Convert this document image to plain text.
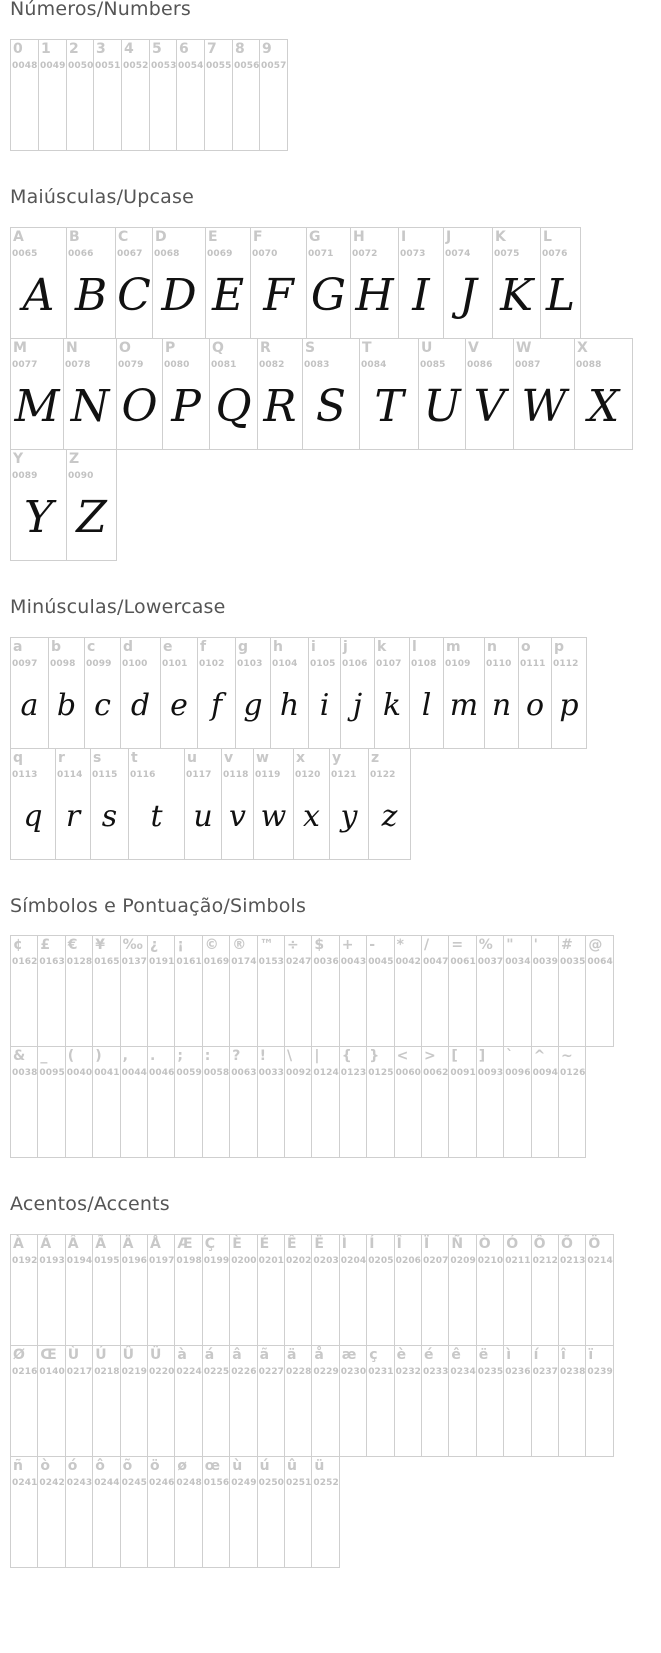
Números/Numbers
0
0048
1
0049
2
0050
3
0051
4
0052
5
0053
6
0054
7
0055
8
0056
9
0057
Maiúsculas/Upcase
A
0065
A
B
0066
B
C
0067
C
D
0068
D
E
0069
E
F
0070
F
G
0071
G
H
0072
H
I
0073
I
J
0074
J
K
0075
K
L
0076
L
M
0077
M
N
0078
N
O
0079
O
P
0080
P
Q
0081
Q
R
0082
R
S
0083
S
T
0084
T
U
0085
U
V
0086
V
W
0087
W
X
0088
X
Y
0089
Y
Z
0090
Z
Minúsculas/Lowercase
a
0097
a
b
0098
b
c
0099
c
d
0100
d
e
0101
e
f
0102
f
g
0103
g
h
0104
h
i
0105
i
j
0106
j
k
0107
k
l
0108
l
m
0109
m
n
0110
n
o
0111
o
p
0112
p
q
0113
q
r
0114
r
s
0115
s
t
0116
t
u
0117
u
v
0118
v
w
0119
w
x
0120
x
y
0121
y
z
0122
z
Símbolos e Pontuação/Simbols
¢
0162
£
0163
€
0128
¥
0165
‰
0137
¿
0191
¡
0161
©
0169
®
0174
™
0153
÷
0247
$
0036
+
0043
-
0045
*
0042
/
0047
=
0061
%
0037
"
0034
'
0039
#
0035
@
0064
&
0038
_
0095
(
0040
)
0041
,
0044
.
0046
;
0059
:
0058
?
0063
!
0033
\
0092
|
0124
{
0123
}
0125
<
0060
>
0062
[
0091
]
0093
`
0096
^
0094
~
0126
Acentos/Accents
À
0192
Á
0193
Â
0194
Ã
0195
Ä
0196
Å
0197
Æ
0198
Ç
0199
È
0200
É
0201
Ê
0202
Ë
0203
Ì
0204
Í
0205
Î
0206
Ï
0207
Ñ
0209
Ò
0210
Ó
0211
Ô
0212
Õ
0213
Ö
0214
Ø
0216
Œ
0140
Ù
0217
Ú
0218
Û
0219
Ü
0220
à
0224
á
0225
â
0226
ã
0227
ä
0228
å
0229
æ
0230
ç
0231
è
0232
é
0233
ê
0234
ë
0235
ì
0236
í
0237
î
0238
ï
0239
ñ
0241
ò
0242
ó
0243
ô
0244
õ
0245
ö
0246
ø
0248
œ
0156
ù
0249
ú
0250
û
0251
ü
0252
